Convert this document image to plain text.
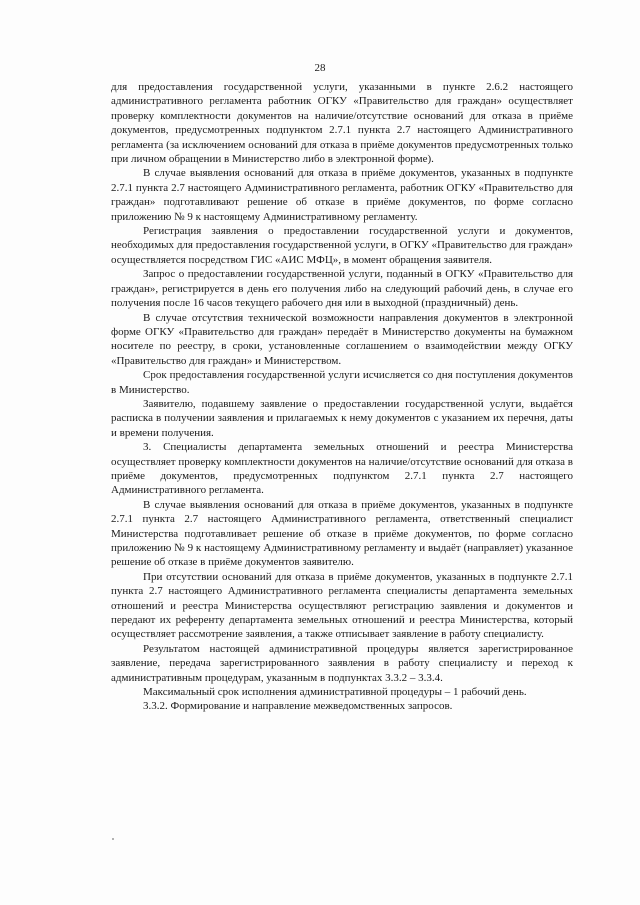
28

для предоставления государственной услуги, указанными в пункте 2.6.2 настоящего административного регламента работник ОГКУ «Правительство для граждан» осуществляет проверку комплектности документов на наличие/отсутствие оснований для отказа в приёме документов, предусмотренных подпунктом 2.7.1 пункта 2.7 настоящего Административного регламента (за исключением оснований для отказа в приёме документов предусмотренных только при личном обращении в Министерство либо в электронной форме).

В случае выявления оснований для отказа в приёме документов, указанных в подпункте 2.7.1 пункта 2.7 настоящего Административного регламента, работник ОГКУ «Правительство для граждан» подготавливают решение об отказе в приёме документов, по форме согласно приложению № 9 к настоящему Административному регламенту.

Регистрация заявления о предоставлении государственной услуги и документов, необходимых для предоставления государственной услуги, в ОГКУ «Правительство для граждан» осуществляется посредством ГИС «АИС МФЦ», в момент обращения заявителя.

Запрос о предоставлении государственной услуги, поданный в ОГКУ «Правительство для граждан», регистрируется в день его получения либо на следующий рабочий день, в случае его получения после 16 часов текущего рабочего дня или в выходной (праздничный) день.

В случае отсутствия технической возможности направления документов в электронной форме ОГКУ «Правительство для граждан» передаёт в Министерство документы на бумажном носителе по реестру, в сроки, установленные соглашением о взаимодействии между ОГКУ «Правительство для граждан» и Министерством.

Срок предоставления государственной услуги исчисляется со дня поступления документов в Министерство.

Заявителю, подавшему заявление о предоставлении государственной услуги, выдаётся расписка в получении заявления и прилагаемых к нему документов с указанием их перечня, даты и времени получения.

3. Специалисты департамента земельных отношений и реестра Министерства осуществляет проверку комплектности документов на наличие/отсутствие оснований для отказа в приёме документов, предусмотренных подпунктом 2.7.1 пункта 2.7 настоящего Административного регламента.

В случае выявления оснований для отказа в приёме документов, указанных в подпункте 2.7.1 пункта 2.7 настоящего Административного регламента, ответственный специалист Министерства подготавливает решение об отказе в приёме документов, по форме согласно приложению № 9 к настоящему Административному регламенту и выдаёт (направляет) указанное решение об отказе в приёме документов заявителю.

При отсутствии оснований для отказа в приёме документов, указанных в подпункте 2.7.1 пункта 2.7 настоящего Административного регламента специалисты департамента земельных отношений и реестра Министерства осуществляют регистрацию заявления и документов и передают их референту департамента земельных отношений и реестра Министерства, который осуществляет рассмотрение заявления, а также отписывает заявление в работу специалисту.

Результатом настоящей административной процедуры является зарегистрированное заявление, передача зарегистрированного заявления в работу специалисту и переход к административным процедурам, указанным в подпунктах 3.3.2 – 3.3.4.

Максимальный срок исполнения административной процедуры – 1 рабочий день.

3.3.2. Формирование и направление межведомственных запросов.
